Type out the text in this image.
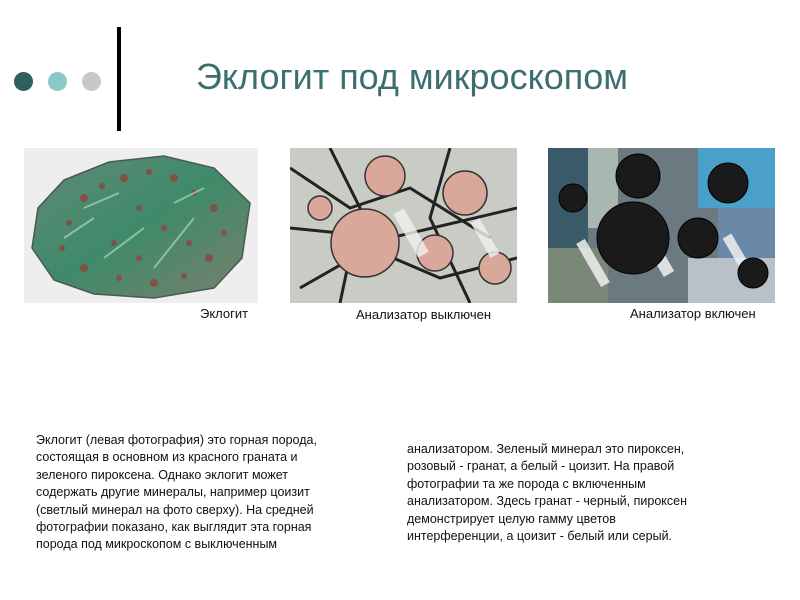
Эклогит под микроскопом
Эклогит	Анализатор выключен	Анализатор включен
Эклогит (левая фотография) это горная порода,
состоящая в основном из красного граната и
зеленого пироксена. Однако эклогит может
содержать другие минералы, например цоизит
(светлый минерал на фото сверху). На средней
фотографии показано, как выглядит эта горная
порода под микроскопом с выключенным
анализатором. Зеленый минерал это пироксен,
розовый - гранат, а белый - цоизит. На правой
фотографии та же порода с включенным
анализатором. Здесь гранат - черный, пироксен
демонстрирует целую гамму цветов
интерференции, а цоизит - белый или серый.
